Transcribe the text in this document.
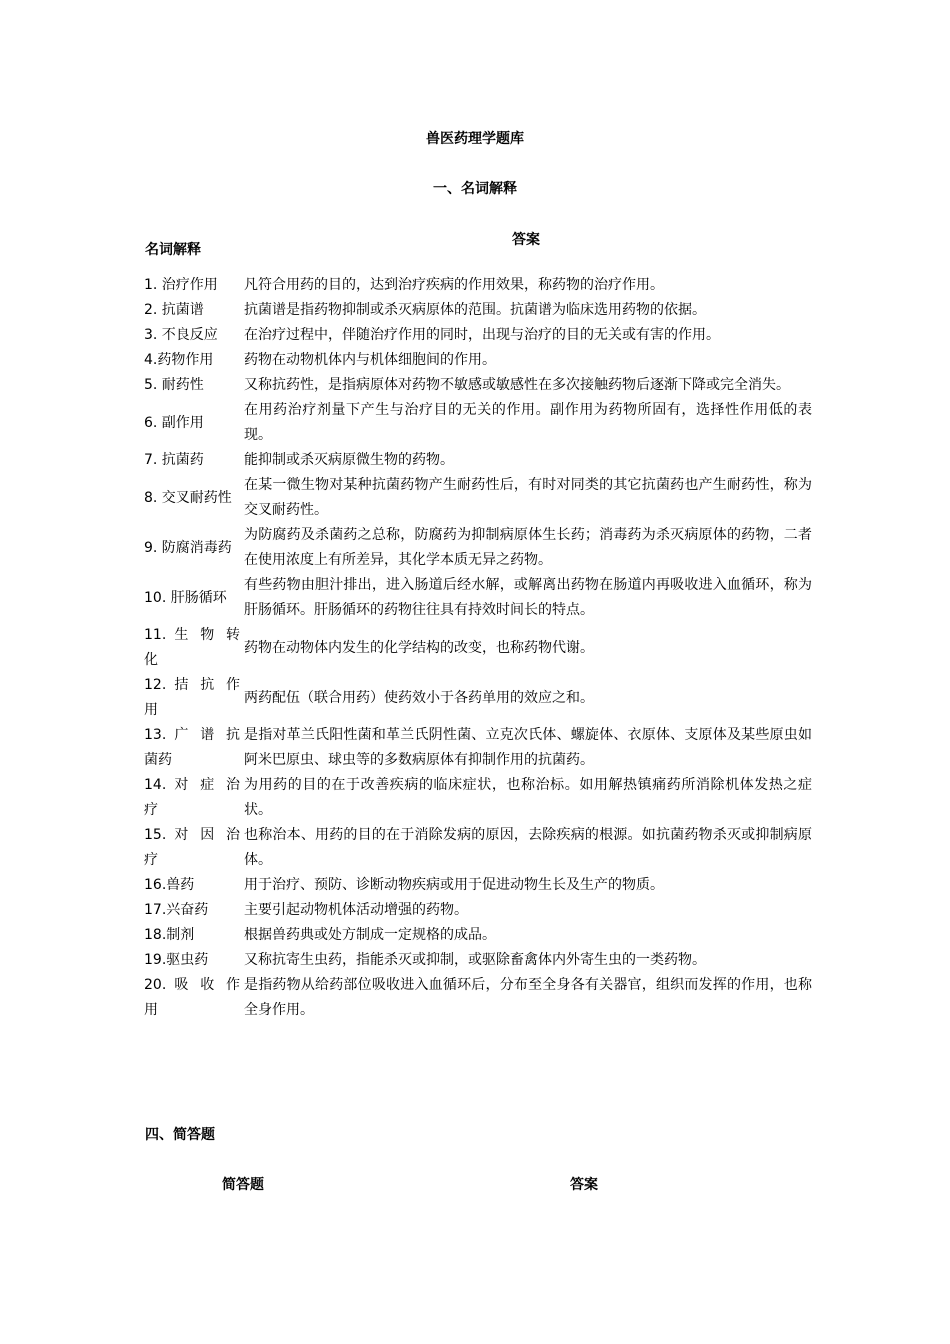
兽医药理学题库
一、名词解释
名词解释
答案
1. 治疗作用	凡符合用药的目的，达到治疗疾病的作用效果，称药物的治疗作用。
2. 抗菌谱	抗菌谱是指药物抑制或杀灭病原体的范围。抗菌谱为临床选用药物的依据。
3. 不良反应	在治疗过程中，伴随治疗作用的同时，出现与治疗的目的无关或有害的作用。
4.药物作用	药物在动物机体内与机体细胞间的作用。
5. 耐药性	又称抗药性，是指病原体对药物不敏感或敏感性在多次接触药物后逐渐下降或完全消失。
6. 副作用	在用药治疗剂量下产生与治疗目的无关的作用。副作用为药物所固有，选择性作用低的表现。
7. 抗菌药	能抑制或杀灭病原微生物的药物。
8. 交叉耐药性	在某一微生物对某种抗菌药物产生耐药性后，有时对同类的其它抗菌药也产生耐药性，称为交叉耐药性。
9. 防腐消毒药	为防腐药及杀菌药之总称，防腐药为抑制病原体生长药；消毒药为杀灭病原体的药物，二者在使用浓度上有所差异，其化学本质无异之药物。
10. 肝肠循环	有些药物由胆汁排出，进入肠道后经水解，或解离出药物在肠道内再吸收进入血循环，称为肝肠循环。肝肠循环的药物往往具有持效时间长的特点。
11. 生 物 转 化	药物在动物体内发生的化学结构的改变，也称药物代谢。
12. 拮 抗 作 用	两药配伍（联合用药）使药效小于各药单用的效应之和。
13. 广 谱 抗 菌药	是指对革兰氏阳性菌和革兰氏阴性菌、立克次氏体、螺旋体、衣原体、支原体及某些原虫如阿米巴原虫、球虫等的多数病原体有抑制作用的抗菌药。
14. 对 症 治 疗	为用药的目的在于改善疾病的临床症状，也称治标。如用解热镇痛药所消除机体发热之症状。
15. 对 因 治 疗	也称治本、用药的目的在于消除发病的原因，去除疾病的根源。如抗菌药物杀灭或抑制病原体。
16.兽药	用于治疗、预防、诊断动物疾病或用于促进动物生长及生产的物质。
17.兴奋药	主要引起动物机体活动增强的药物。
18.制剂	根据兽药典或处方制成一定规格的成品。
19.驱虫药	又称抗寄生虫药，指能杀灭或抑制，或驱除畜禽体内外寄生虫的一类药物。
20. 吸 收 作 用	是指药物从给药部位吸收进入血循环后，分布至全身各有关器官，组织而发挥的作用，也称全身作用。
四、简答题
简答题	答案
